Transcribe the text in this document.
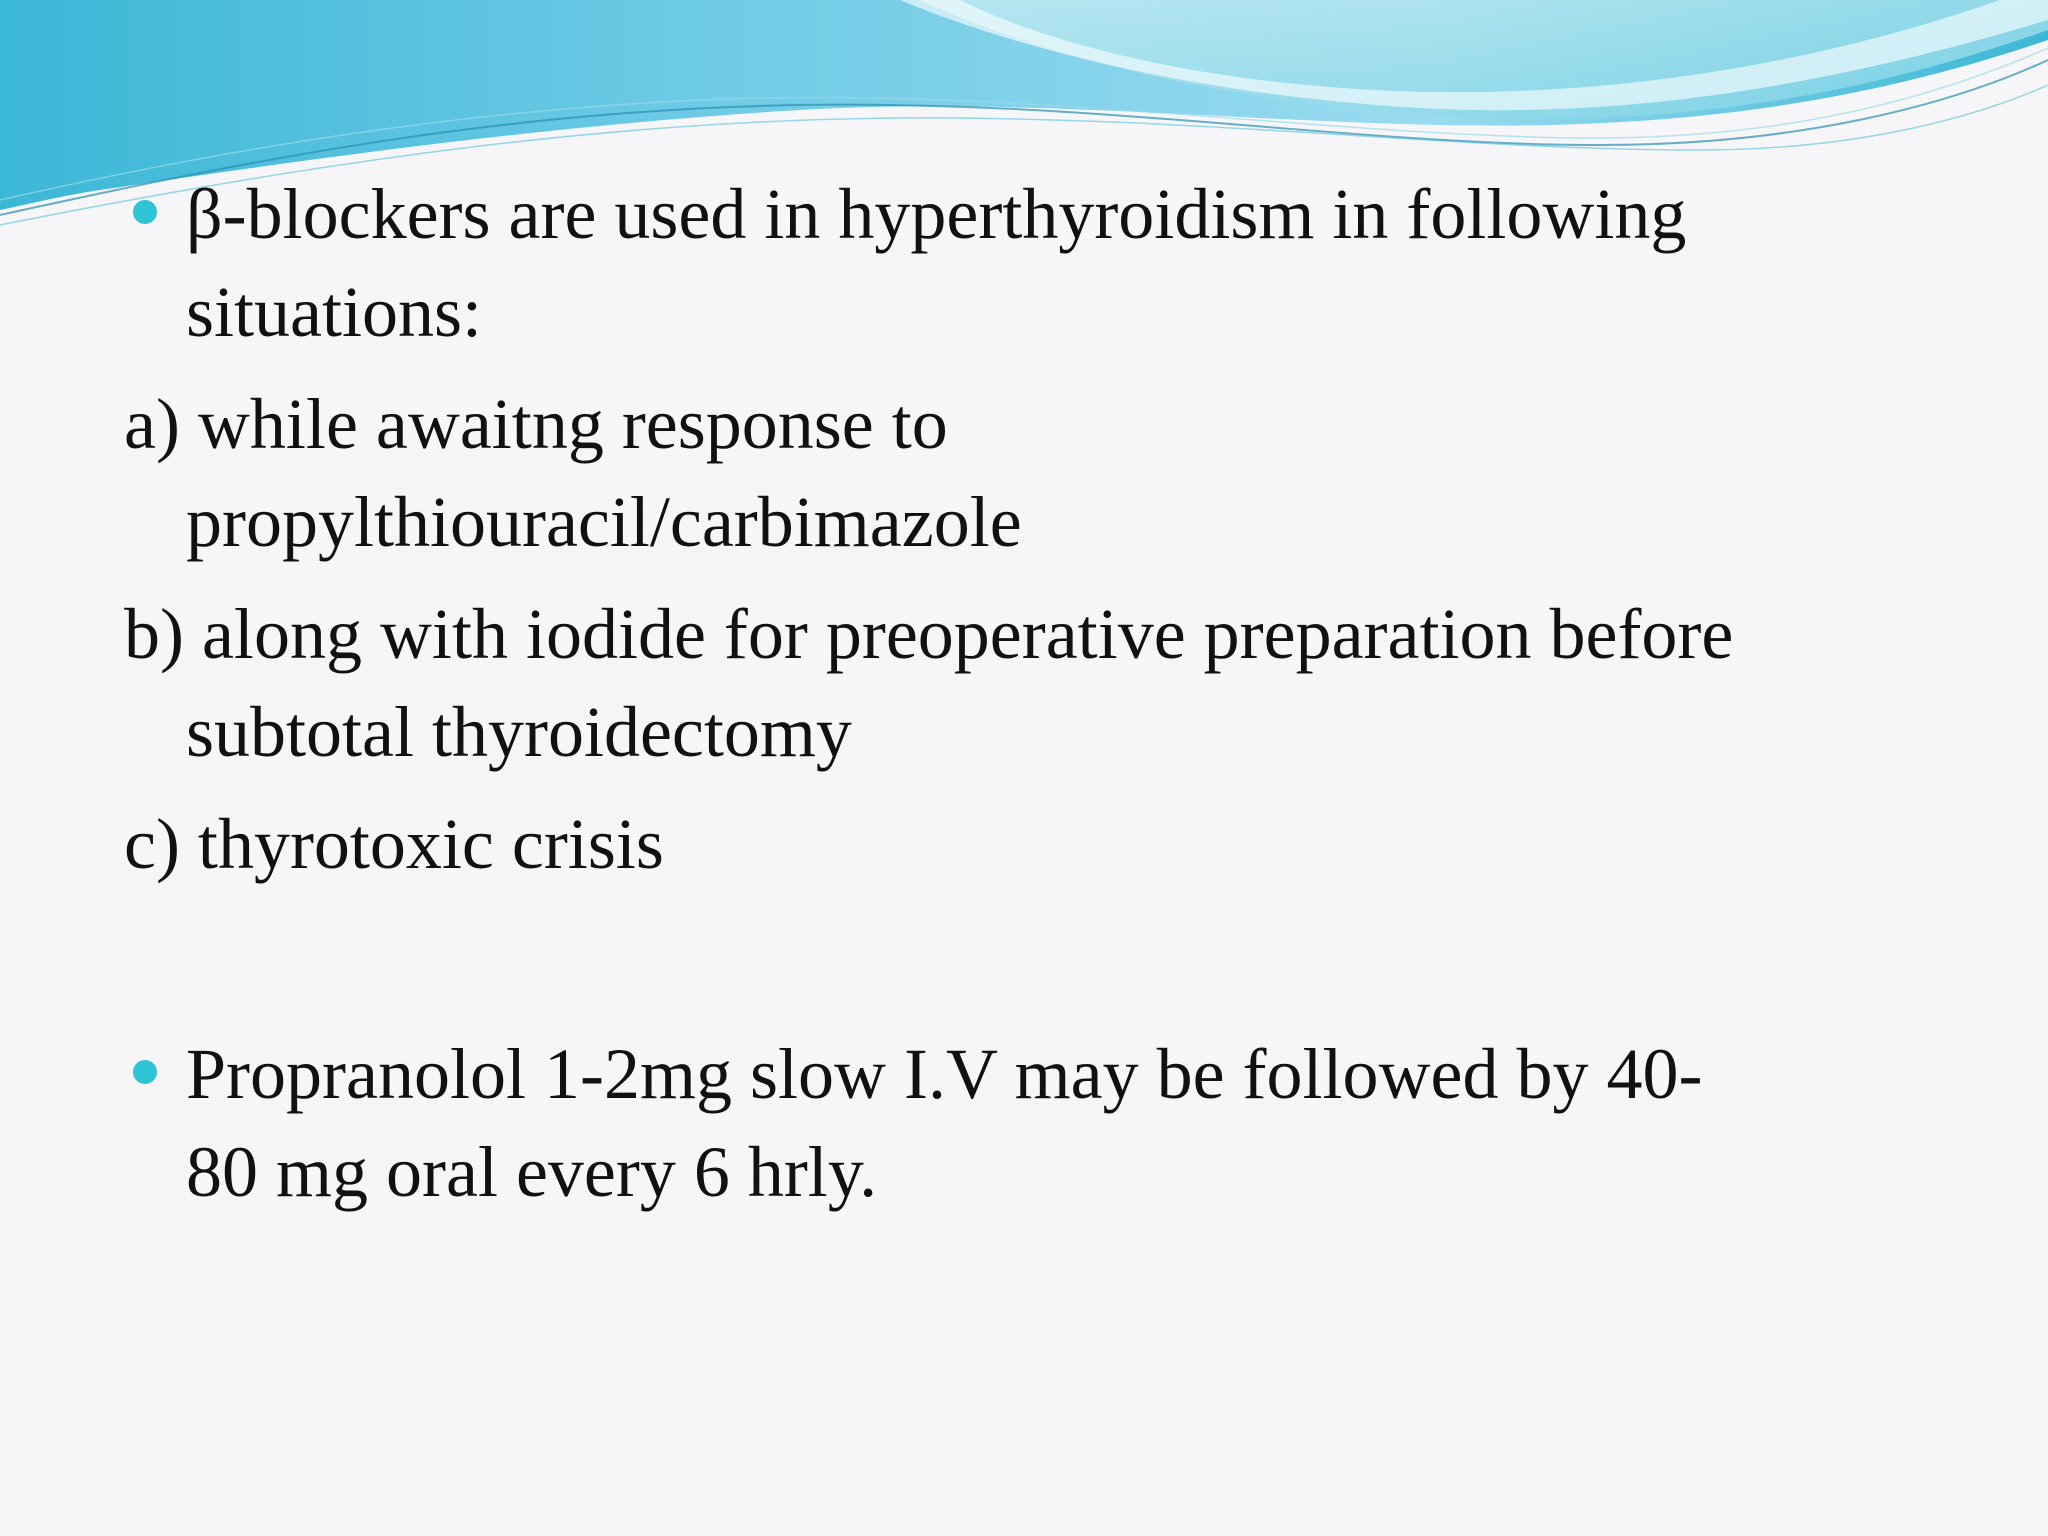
β-blockers are used in hyperthyroidism in following
situations:
a) while awaitng response to
propylthiouracil/carbimazole
b) along with iodide for preoperative preparation before
subtotal thyroidectomy
c) thyrotoxic crisis
Propranolol 1-2mg slow I.V may be followed by 40-
80 mg oral every 6 hrly.
